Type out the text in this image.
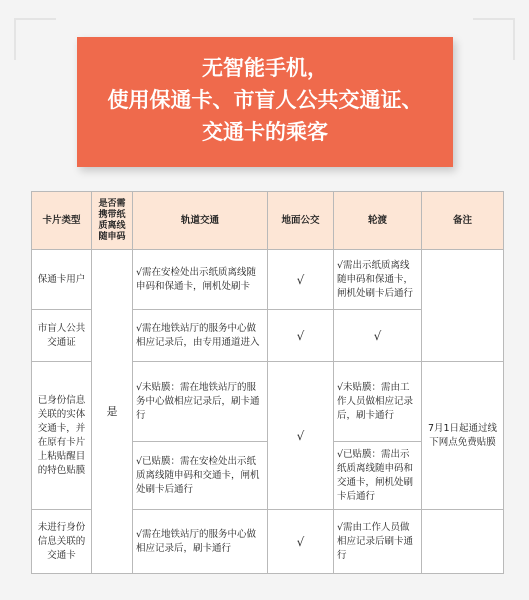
无智能手机，
使用保通卡、市盲人公共交通证、
交通卡的乘客
卡片类型	是否需携带纸质离线随申码	轨道交通	地面公交	轮渡	备注
保通卡用户	是	√需在安检处出示纸质离线随申码和保通卡，闸机处刷卡	√	√需出示纸质离线随申码和保通卡，闸机处刷卡后通行	
市盲人公共交通证		√需在地铁站厅的服务中心做相应记录后，由专用通道进入	√	√	
已身份信息关联的实体交通卡，并在原有卡片上粘贴醒目的特色贴膜		√未贴膜：需在地铁站厅的服务中心做相应记录后，刷卡通行	√	√未贴膜：需由工作人员做相应记录后，刷卡通行	7月1日起通过线下网点免费贴膜
		√已贴膜：需在安检处出示纸质离线随申码和交通卡，闸机处刷卡后通行		√已贴膜：需出示纸质离线随申码和交通卡，闸机处刷卡后通行	
未进行身份信息关联的交通卡		√需在地铁站厅的服务中心做相应记录后，刷卡通行	√	√需由工作人员做相应记录后刷卡通行	
